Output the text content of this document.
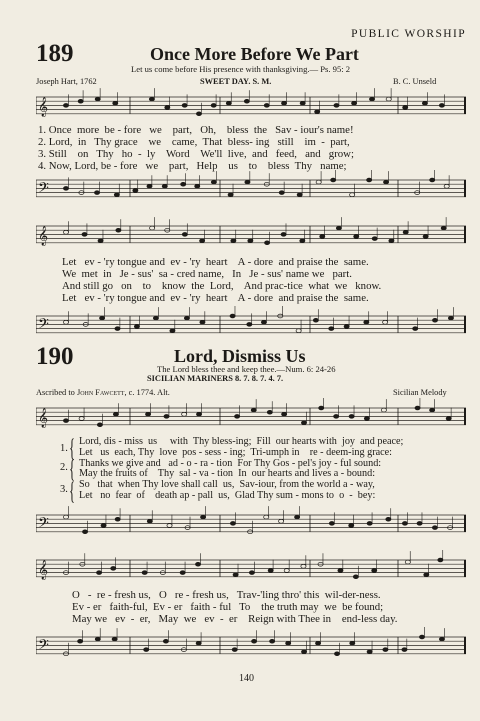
PUBLIC WORSHIP
189	Once More Before We Part
Let us come before His presence with thanksgiving.— Ps. 95: 2
Joseph Hart, 1762	SWEET DAY. S. M.	B. C. Unseld
𝄞
1. Once  more  be - fore   we    part,   Oh,    bless  the   Sav - iour's name!
2. Lord,  in   Thy grace    we    came,  That  bless- ing   still    im  -  part,
3. Still    on   Thy   ho  -  ly    Word    We'll  live,  and   feed,   and   grow;
4. Now, Lord, be - fore   we    part,   Help    us    to    bless  Thy   name;
𝄢
𝄞
Let   ev - 'ry tongue and  ev - 'ry  heart    A - dore  and praise the  same.
We  met  in   Je - sus'  sa - cred name,   In   Je - sus' name we   part.
And still go   on    to    know  the  Lord,    And prac-tice  what  we   know.
Let   ev - 'ry tongue and  ev - 'ry  heart    A - dore  and praise the  same.
𝄢
190	Lord, Dismiss Us
The Lord bless thee and keep thee.—Num. 6: 24-26
SICILIAN MARINERS 8. 7. 8. 7. 4. 7.
Ascribed to John Fawcett, c. 1774. Alt.	Sicilian Melody
𝄞
1.
2.
3.
{
{
{
Lord, dis - miss  us     with  Thy bless-ing;  Fill  our hearts with  joy  and peace;
Let   us  each, Thy  love  pos - sess - ing;  Tri-umph in    re - deem-ing grace:
Thanks we give and   ad - o - ra - tion  For Thy Gos - pel's joy - ful sound:
May the fruits of    Thy  sal - va - tion  In  our hearts and lives a - bound:
So   that  when Thy love shall call  us,  Sav-iour, from the world a - way,
Let   no  fear  of    death ap - pall  us,  Glad Thy sum - mons to  o  -  bey:
𝄢
𝄞
O   -  re - fresh us,   O   re - fresh us,   Trav-'ling thro' this  wil-der-ness.
Ev - er   faith-ful,  Ev - er   faith - ful   To    the truth may  we  be found;
May we   ev  -  er,   May  we   ev  -  er    Reign with Thee in    end-less day.
𝄢
140
